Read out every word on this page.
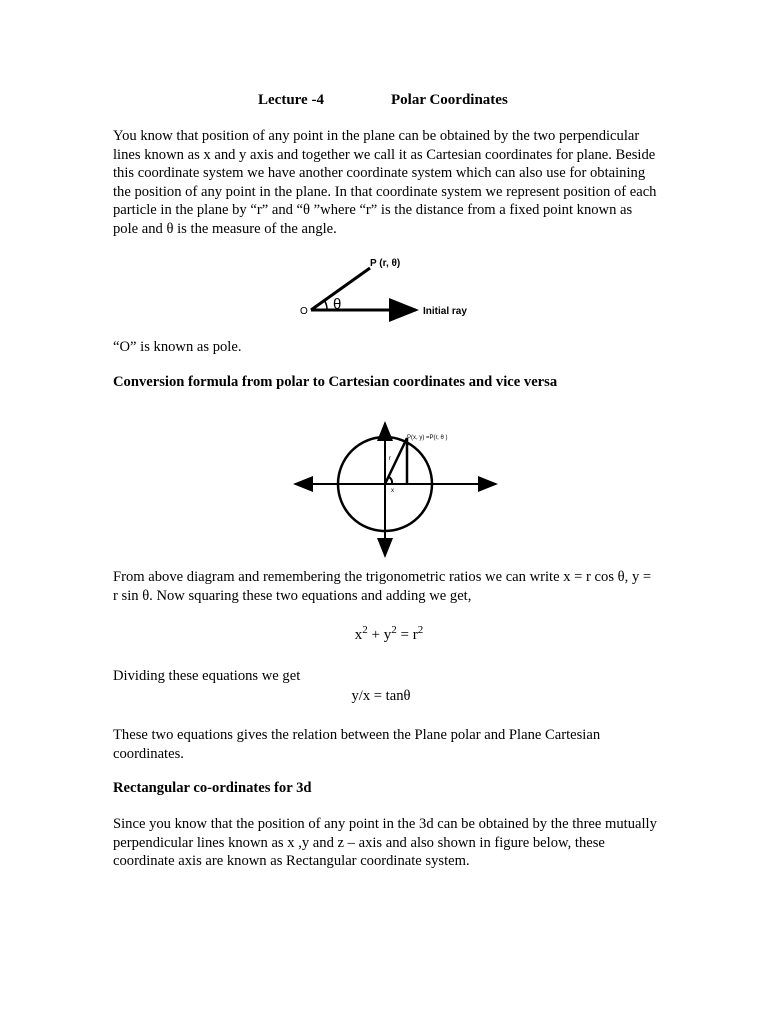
Lecture -4	Polar Coordinates

You know that position of any point in the plane can be obtained by the two perpendicular lines known as x and y axis and together we call it as Cartesian coordinates for plane. Beside this coordinate system we have another coordinate system which can also use for obtaining the position of any point in the plane. In that coordinate system we represent position of each particle in the plane by “r” and “θ ”where “r” is the distance from a fixed point known as pole and θ is the measure of the angle.

P (r, θ)
O θ	Initial ray

“O” is known as pole.

Conversion formula from polar to Cartesian coordinates and vice versa

P(x, y) =P(r, θ )
r
x

From above diagram and remembering the trigonometric ratios we can write x = r cos θ, y = r sin θ. Now squaring these two equations and adding we get,

$x^2 + y^2 = r^2$

Dividing these equations we get

y/x = tanθ

These two equations gives the relation between the Plane polar and Plane Cartesian coordinates.

Rectangular co-ordinates for 3d

Since you know that the position of any point in the 3d can be obtained by the three mutually perpendicular lines known as x ,y and z – axis and also shown in figure below, these coordinate axis are known as Rectangular coordinate system.
